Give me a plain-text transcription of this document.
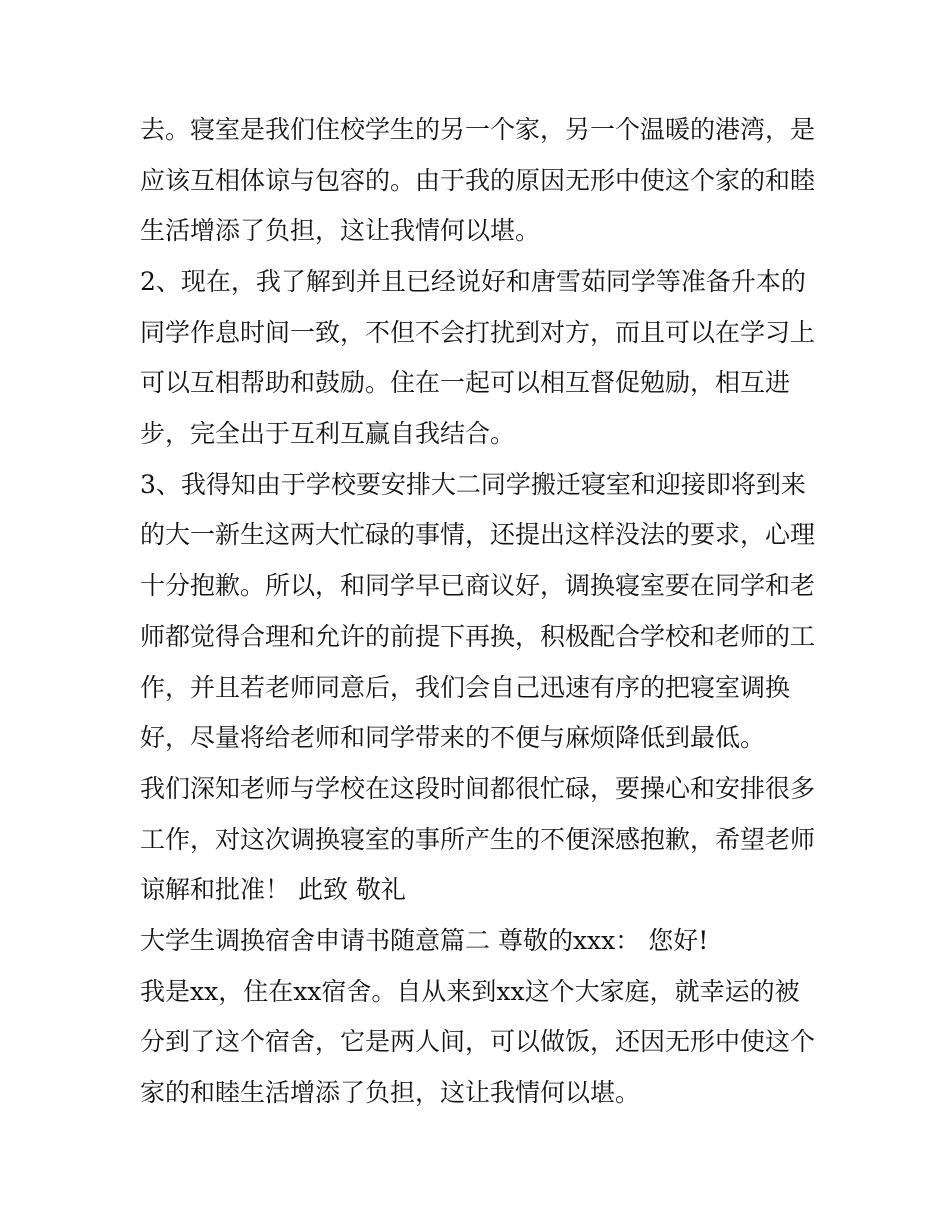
去。寝室是我们住校学生的另一个家，另一个温暖的港湾，是
应该互相体谅与包容的。由于我的原因无形中使这个家的和睦
生活增添了负担，这让我情何以堪。
2、现在，我了解到并且已经说好和唐雪茹同学等准备升本的
同学作息时间一致，不但不会打扰到对方，而且可以在学习上
可以互相帮助和鼓励。住在一起可以相互督促勉励，相互进
步，完全出于互利互赢自我结合。
3、我得知由于学校要安排大二同学搬迁寝室和迎接即将到来
的大一新生这两大忙碌的事情，还提出这样没法的要求，心理
十分抱歉。所以，和同学早已商议好，调换寝室要在同学和老
师都觉得合理和允许的前提下再换，积极配合学校和老师的工
作，并且若老师同意后，我们会自己迅速有序的把寝室调换
好，尽量将给老师和同学带来的不便与麻烦降低到最低。
我们深知老师与学校在这段时间都很忙碌，要操心和安排很多
工作，对这次调换寝室的事所产生的不便深感抱歉，希望老师
谅解和批准！ 此致 敬礼
大学生调换宿舍申请书随意篇二 尊敬的xxx： 您好!
我是xx，住在xx宿舍。自从来到xx这个大家庭，就幸运的被
分到了这个宿舍，它是两人间，可以做饭，还因无形中使这个
家的和睦生活增添了负担，这让我情何以堪。
